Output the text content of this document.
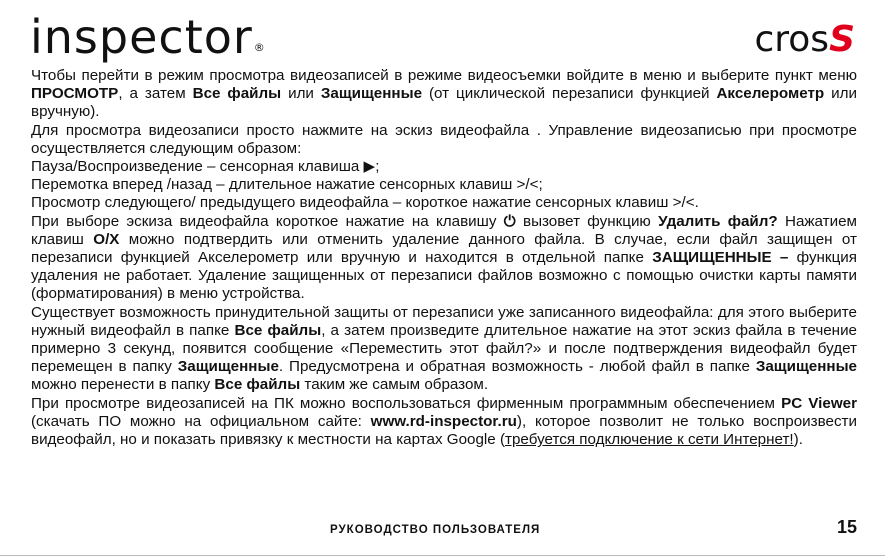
inspector®	crosS

Чтобы перейти в режим просмотра видеозаписей в режиме видеосъемки войдите в меню и выберите пункт меню ПРОСМОТР, а затем Все файлы или Защищенные (от циклической перезаписи функцией Акселерометр или вручную).

Для просмотра видеозаписи просто нажмите на эскиз видеофайла . Управление видеозаписью при просмотре осуществляется следующим образом:

Пауза/Воспроизведение – сенсорная клавиша ▶;

Перемотка вперед /назад – длительное нажатие сенсорных клавиш >/<;

Просмотр следующего/ предыдущего видеофайла – короткое нажатие сенсорных клавиш >/<.

При выборе эскиза видеофайла короткое нажатие на клавишу ⏻ вызовет функцию Удалить файл? Нажатием клавиш O/X можно подтвердить или отменить удаление данного файла. В случае, если файл защищен от перезаписи функцией Акселерометр или вручную и находится в отдельной папке ЗАЩИЩЕННЫЕ – функция удаления не работает. Удаление защищенных от перезаписи файлов возможно с помощью очистки карты памяти (форматирования) в меню устройства.

Существует возможность принудительной защиты от перезаписи уже записанного видеофайла: для этого выберите нужный видеофайл в папке Все файлы, а затем произведите длительное нажатие на этот эскиз файла в течение примерно 3 секунд, появится сообщение «Переместить этот файл?» и после подтверждения видеофайл будет перемещен в папку Защищенные. Предусмотрена и обратная возможность - любой файл в папке Защищенные можно перенести в папку Все файлы таким же самым образом.

При просмотре видеозаписей на ПК можно воспользоваться фирменным программным обеспечением PC Viewer (скачать ПО можно на официальном сайте: www.rd-inspector.ru), которое позволит не только воспроизвести видеофайл, но и показать привязку к местности на картах Google (требуется подключение к сети Интернет!).

РУКОВОДСТВО ПОЛЬЗОВАТЕЛЯ	15
